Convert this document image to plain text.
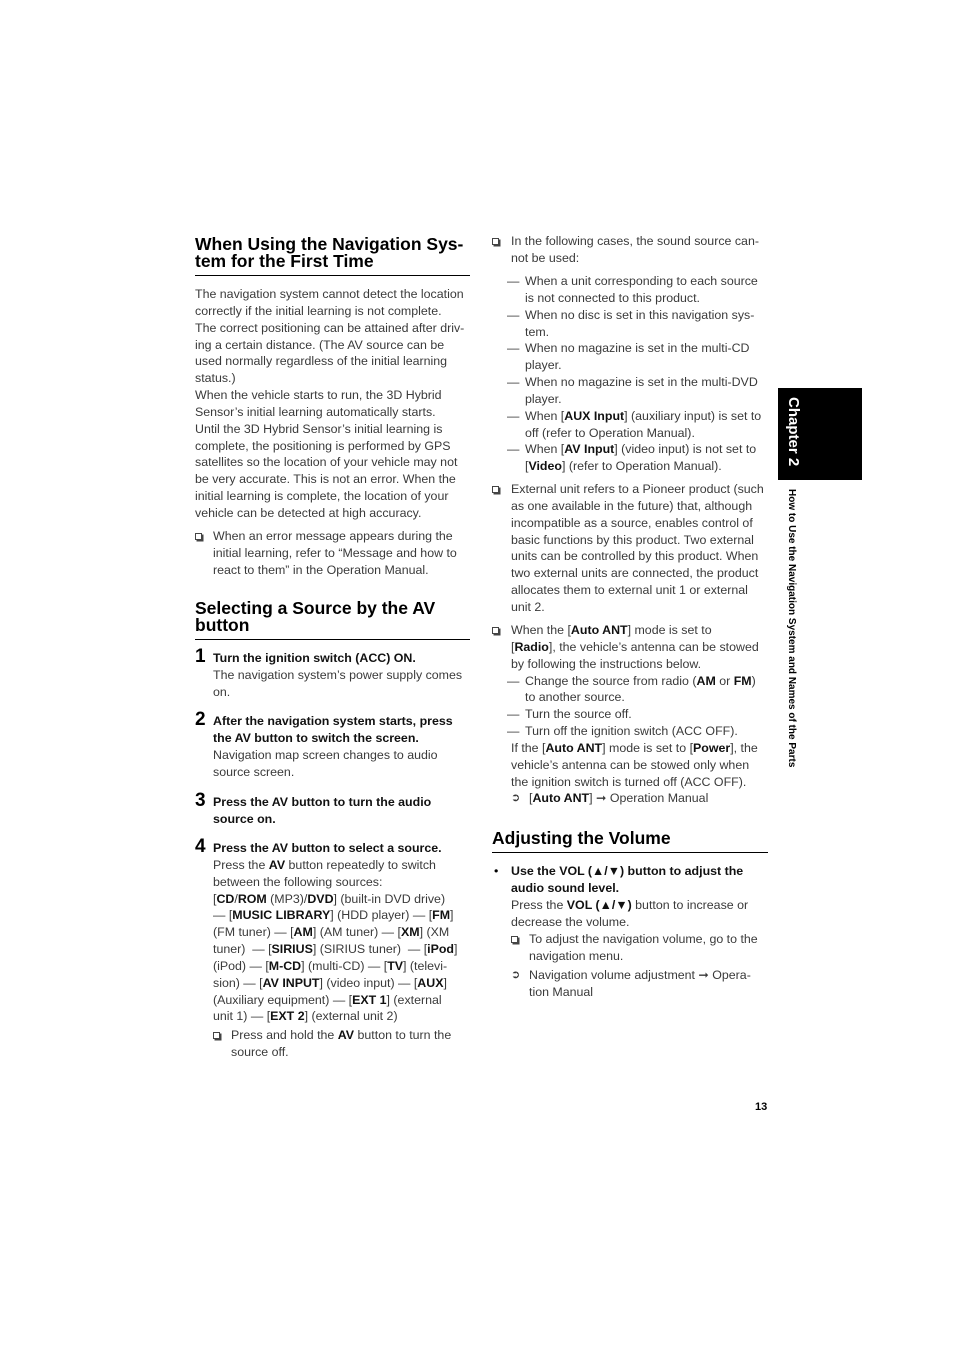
When Using the Navigation Sys-
tem for the First Time
The navigation system cannot detect the location
correctly if the initial learning is not complete.
The correct positioning can be attained after driv-
ing a certain distance. (The AV source can be
used normally regardless of the initial learning
status.)
When the vehicle starts to run, the 3D Hybrid
Sensor’s initial learning automatically starts.
Until the 3D Hybrid Sensor’s initial learning is
complete, the positioning is performed by GPS
satellites so the location of your vehicle may not
be very accurate. This is not an error. When the
initial learning is complete, the location of your
vehicle can be detected at high accuracy.
When an error message appears during the
initial learning, refer to “Message and how to
react to them” in the Operation Manual.
Selecting a Source by the AV
button
1 Turn the ignition switch (ACC) ON.
The navigation system’s power supply comes
on.
2 After the navigation system starts, press
the AV button to switch the screen.
Navigation map screen changes to audio
source screen.
3 Press the AV button to turn the audio
source on.
4 Press the AV button to select a source.
Press the AV button repeatedly to switch
between the following sources:
[CD/ROM (MP3)/DVD] (built-in DVD drive)
— [MUSIC LIBRARY] (HDD player) — [FM]
(FM tuner) — [AM] (AM tuner) — [XM] (XM
tuner)  — [SIRIUS] (SIRIUS tuner)  — [iPod]
(iPod) — [M-CD] (multi-CD) — [TV] (televi-
sion) — [AV INPUT] (video input) — [AUX]
(Auxiliary equipment) — [EXT 1] (external
unit 1) — [EXT 2] (external unit 2)
Press and hold the AV button to turn the
source off.
In the following cases, the sound source can-
not be used:
— When a unit corresponding to each source
is not connected to this product.
— When no disc is set in this navigation sys-
tem.
— When no magazine is set in the multi-CD
player.
— When no magazine is set in the multi-DVD
player.
— When [AUX Input] (auxiliary input) is set to
off (refer to Operation Manual).
— When [AV Input] (video input) is not set to
[Video] (refer to Operation Manual).
External unit refers to a Pioneer product (such
as one available in the future) that, although
incompatible as a source, enables control of
basic functions by this product. Two external
units can be controlled by this product. When
two external units are connected, the product
allocates them to external unit 1 or external
unit 2.
When the [Auto ANT] mode is set to
[Radio], the vehicle’s antenna can be stowed
by following the instructions below.
— Change the source from radio (AM or FM)
to another source.
— Turn the source off.
— Turn off the ignition switch (ACC OFF).
If the [Auto ANT] mode is set to [Power], the
vehicle’s antenna can be stowed only when
the ignition switch is turned off (ACC OFF).
➲ [Auto ANT] ➞ Operation Manual
Adjusting the Volume
• Use the VOL (▲/▼) button to adjust the
audio sound level.
Press the VOL (▲/▼) button to increase or
decrease the volume.
To adjust the navigation volume, go to the
navigation menu.
➲ Navigation volume adjustment ➞ Opera-
tion Manual
Chapter 2
How to Use the Navigation System and Names of the Parts
13
